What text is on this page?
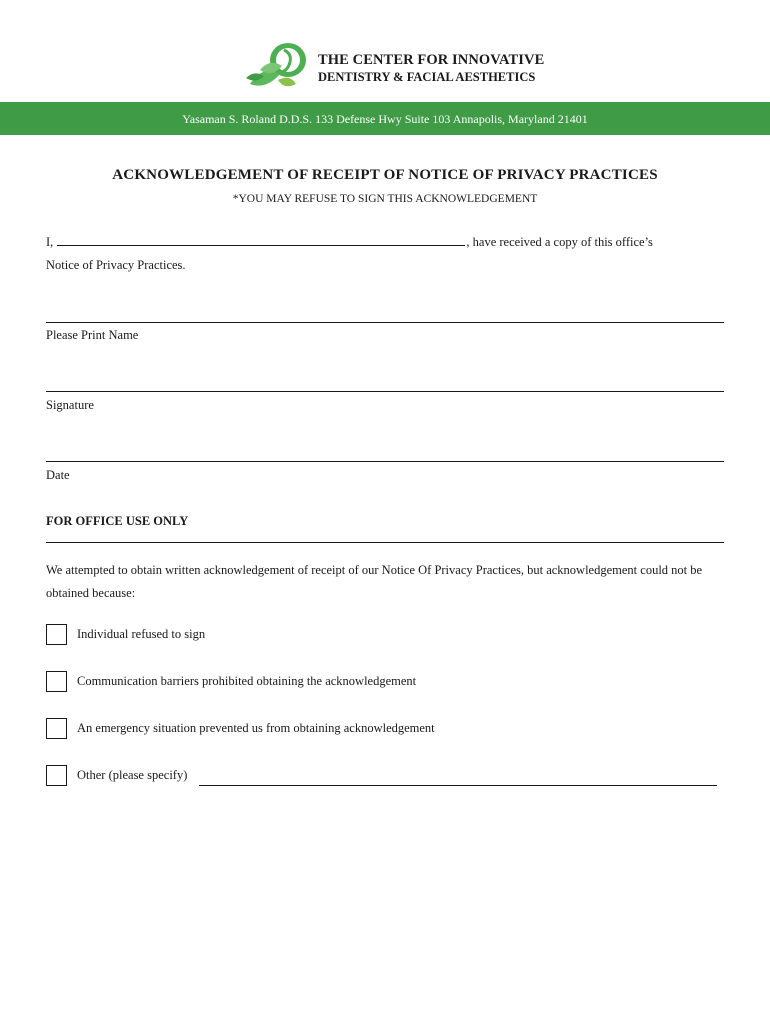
THE CENTER FOR INNOVATIVE
DENTISTRY & FACIAL AESTHETICS
Yasaman S. Roland D.D.S. 133 Defense Hwy Suite 103 Annapolis, Maryland 21401
ACKNOWLEDGEMENT OF RECEIPT OF NOTICE OF PRIVACY PRACTICES
*YOU MAY REFUSE TO SIGN THIS ACKNOWLEDGEMENT
I,	, have received a copy of this office’s
Notice of Privacy Practices.
Please Print Name
Signature
Date
FOR OFFICE USE ONLY
We attempted to obtain written acknowledgement of receipt of our Notice Of Privacy Practices, but acknowledgement could not be obtained because:
Individual refused to sign
Communication barriers prohibited obtaining the acknowledgement
An emergency situation prevented us from obtaining acknowledgement
Other (please specify)
